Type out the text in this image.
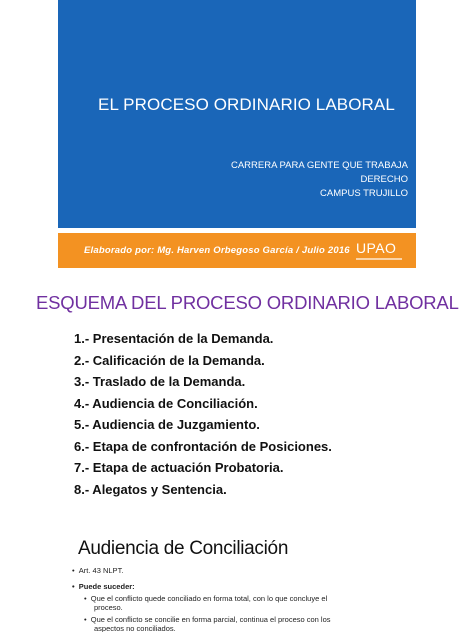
EL PROCESO ORDINARIO LABORAL
CARRERA PARA GENTE QUE TRABAJA
DERECHO
CAMPUS TRUJILLO
Elaborado por: Mg. Harven Orbegoso García / Julio 2016 UPAO
ESQUEMA DEL PROCESO ORDINARIO LABORAL
1.- Presentación de la Demanda.
2.- Calificación de la Demanda.
3.- Traslado de la Demanda.
4.- Audiencia de Conciliación.
5.- Audiencia de Juzgamiento.
6.- Etapa de confrontación de Posiciones.
7.- Etapa de actuación Probatoria.
8.- Alegatos y Sentencia.
Audiencia de Conciliación
•  Art. 43 NLPT.
•  Puede suceder:
•  Que el conflicto quede conciliado en forma total, con lo que concluye el
proceso.
•  Que el conflicto se concilie en forma parcial, continua el proceso con los
aspectos no conciliados.
